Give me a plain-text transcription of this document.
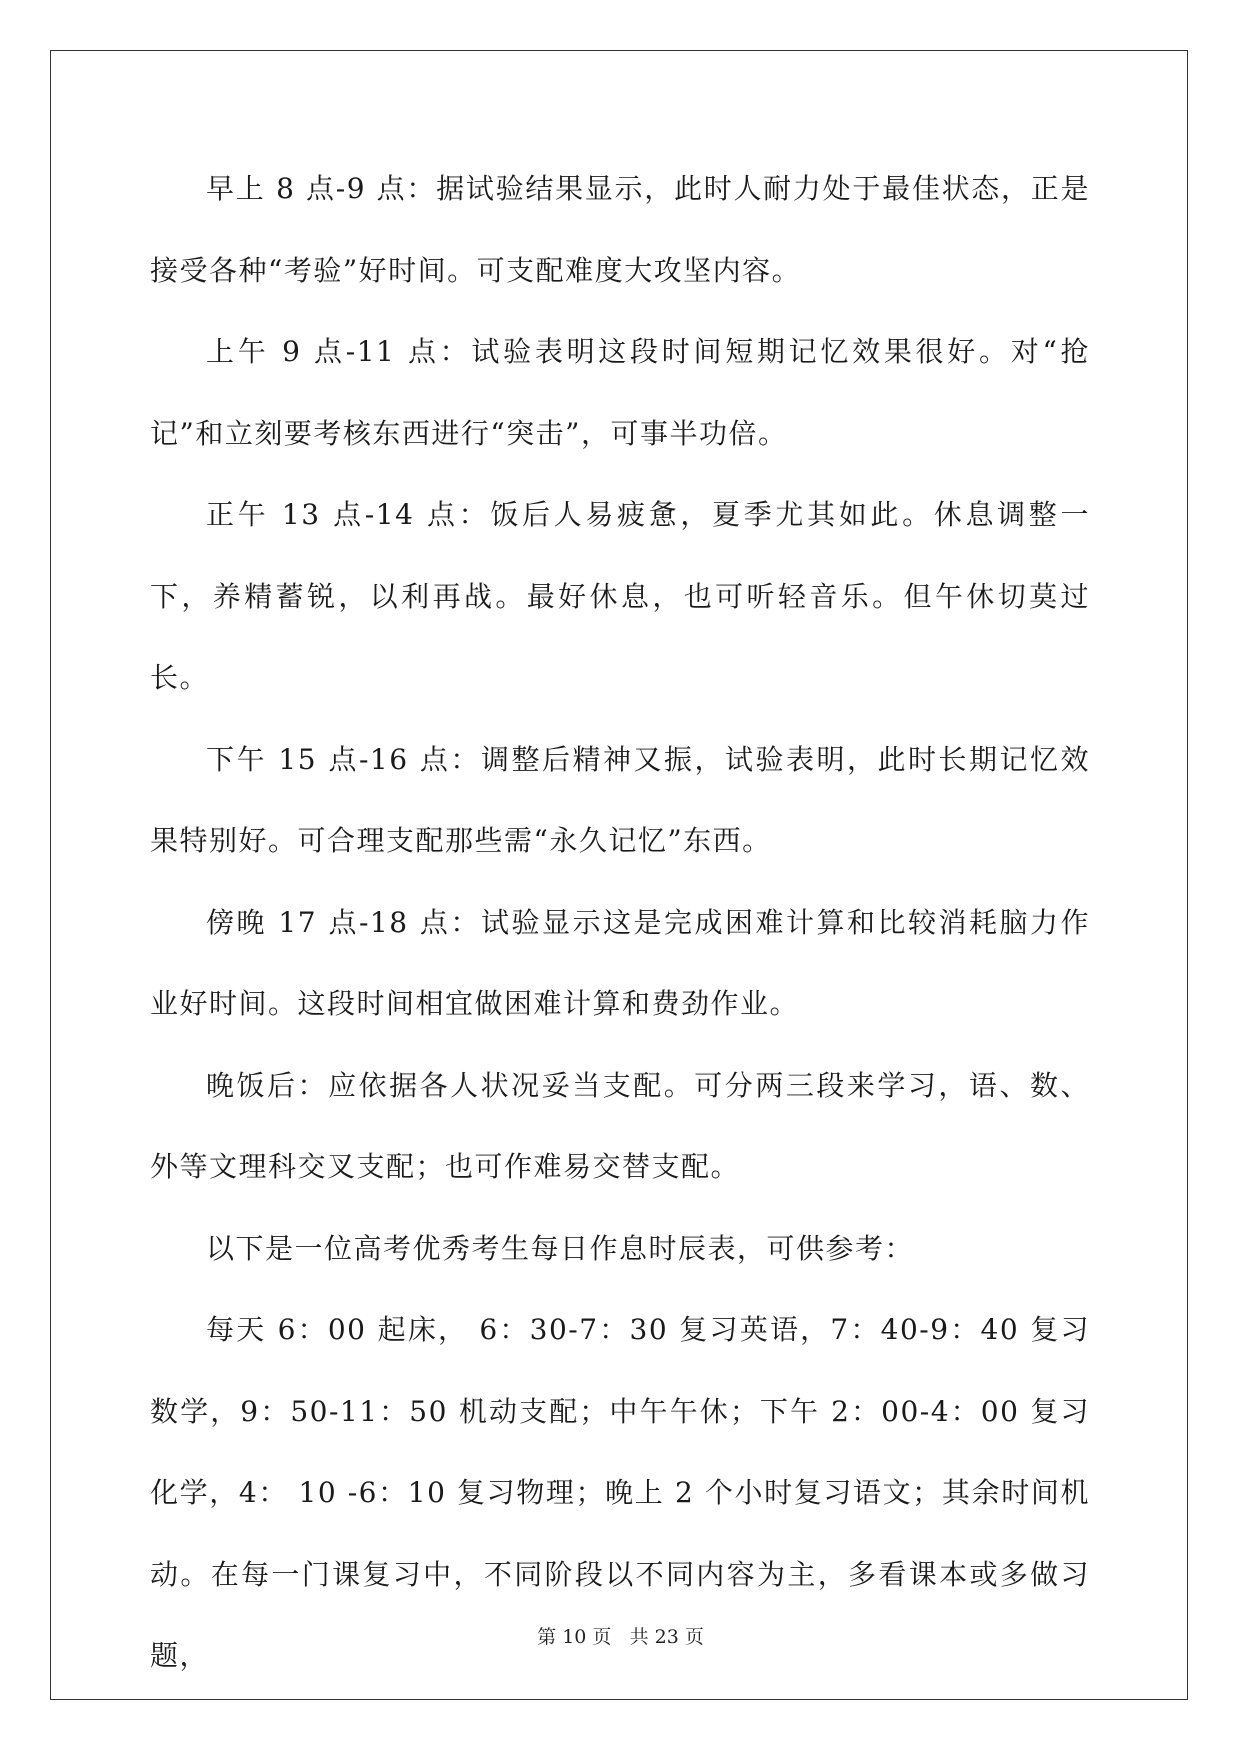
早上 8 点-9 点：据试验结果显示，此时人耐力处于最佳状态，正是接受各种“考验”好时间。可支配难度大攻坚内容。

上午 9 点-11 点：试验表明这段时间短期记忆效果很好。对“抢记”和立刻要考核东西进行“突击”，可事半功倍。

正午 13 点-14 点：饭后人易疲惫，夏季尤其如此。休息调整一下，养精蓄锐，以利再战。最好休息，也可听轻音乐。但午休切莫过长。

下午 15 点-16 点：调整后精神又振，试验表明，此时长期记忆效果特别好。可合理支配那些需“永久记忆”东西。

傍晚 17 点-18 点：试验显示这是完成困难计算和比较消耗脑力作业好时间。这段时间相宜做困难计算和费劲作业。

晚饭后：应依据各人状况妥当支配。可分两三段来学习，语、数、外等文理科交叉支配；也可作难易交替支配。

以下是一位高考优秀考生每日作息时辰表，可供参考：

每天 6：00 起床， 6：30-7：30 复习英语，7：40-9：40 复习数学，9：50-11：50 机动支配；中午午休；下午 2：00-4：00 复习化学，4： 10 -6：10 复习物理；晚上 2 个小时复习语文；其余时间机动。在每一门课复习中，不同阶段以不同内容为主，多看课本或多做习题，

第 10 页 共 23 页
